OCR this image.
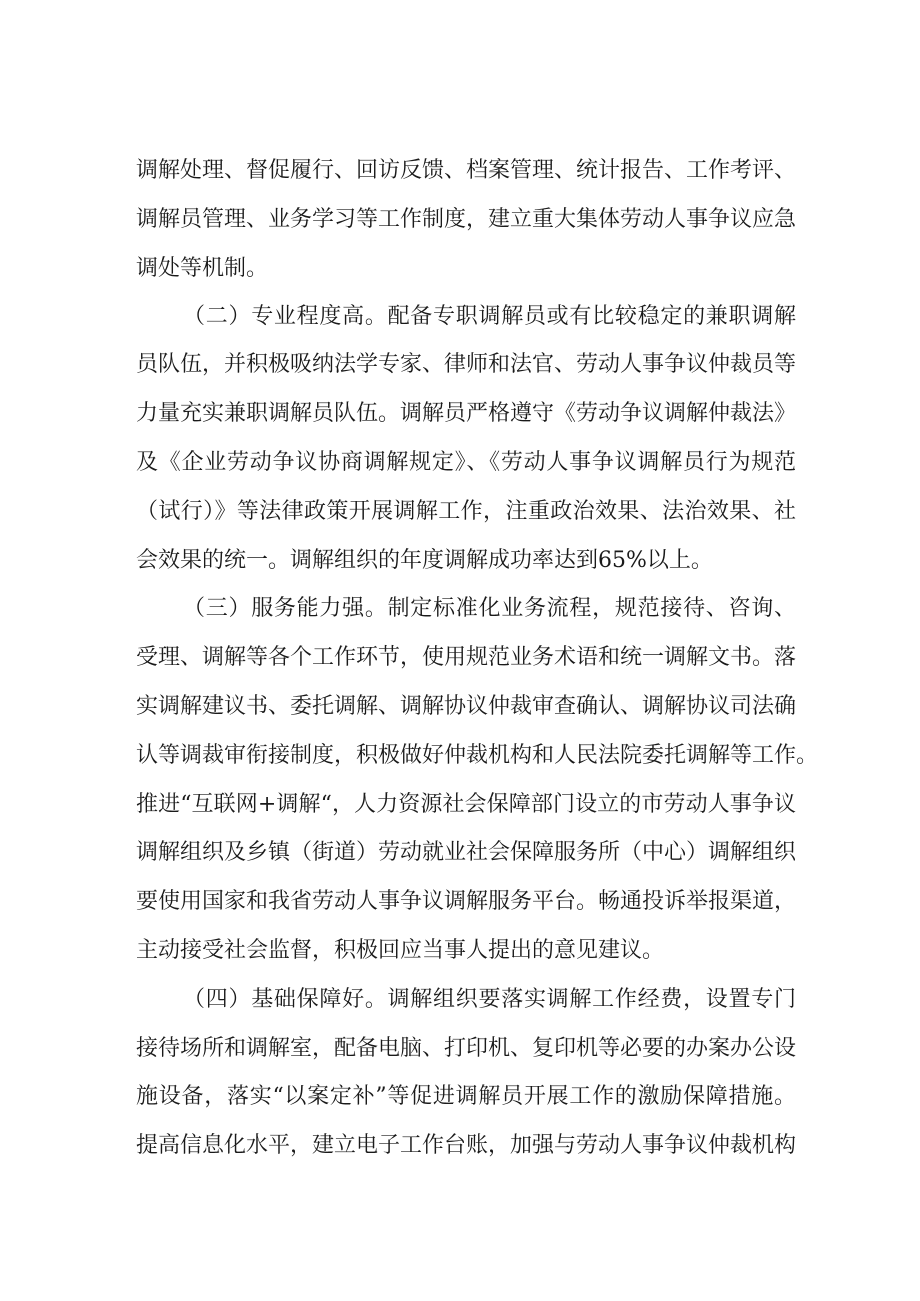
调解处理、督促履行、回访反馈、档案管理、统计报告、工作考评、
调解员管理、业务学习等工作制度，建立重大集体劳动人事争议应急
调处等机制。
（二）专业程度高。配备专职调解员或有比较稳定的兼职调解
员队伍，并积极吸纳法学专家、律师和法官、劳动人事争议仲裁员等
力量充实兼职调解员队伍。调解员严格遵守《劳动争议调解仲裁法》
及《企业劳动争议协商调解规定》、《劳动人事争议调解员行为规范
（试行）》等法律政策开展调解工作，注重政治效果、法治效果、社
会效果的统一。调解组织的年度调解成功率达到65%以上。
（三）服务能力强。制定标准化业务流程，规范接待、咨询、
受理、调解等各个工作环节，使用规范业务术语和统一调解文书。落
实调解建议书、委托调解、调解协议仲裁审查确认、调解协议司法确
认等调裁审衔接制度，积极做好仲裁机构和人民法院委托调解等工作。
推进“互联网+调解“，人力资源社会保障部门设立的市劳动人事争议
调解组织及乡镇（街道）劳动就业社会保障服务所（中心）调解组织
要使用国家和我省劳动人事争议调解服务平台。畅通投诉举报渠道，
主动接受社会监督，积极回应当事人提出的意见建议。
（四）基础保障好。调解组织要落实调解工作经费，设置专门
接待场所和调解室，配备电脑、打印机、复印机等必要的办案办公设
施设备，落实“以案定补”等促进调解员开展工作的激励保障措施。
提高信息化水平，建立电子工作台账，加强与劳动人事争议仲裁机构
